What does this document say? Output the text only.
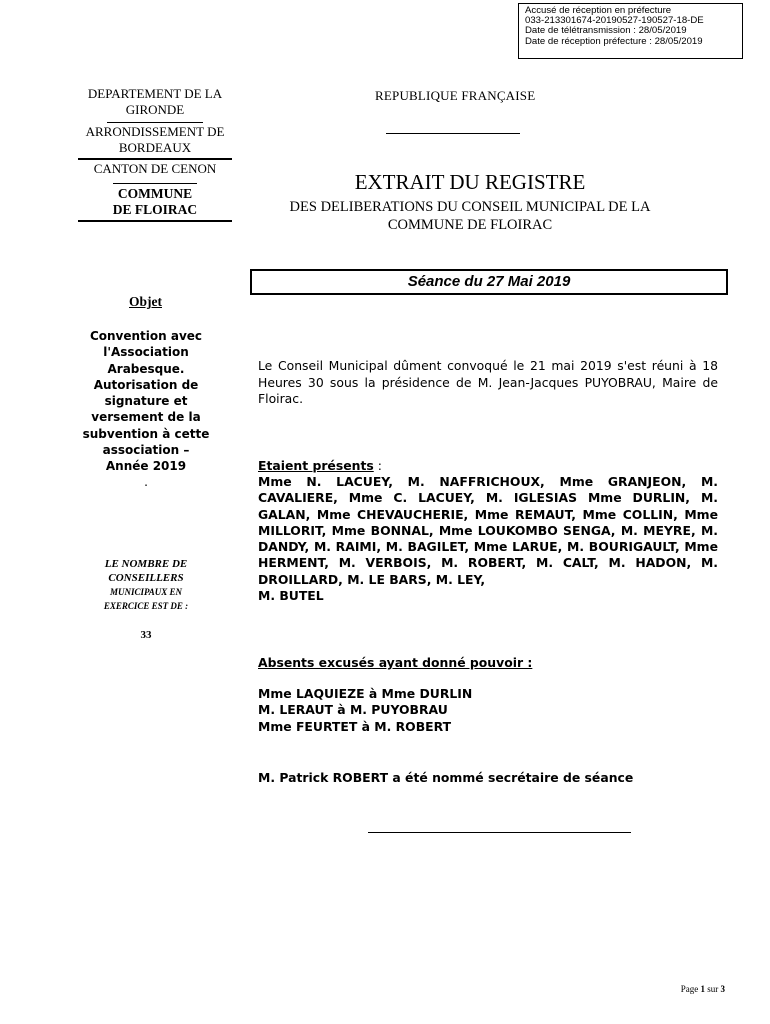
Accusé de réception en préfecture
033-213301674-20190527-190527-18-DE
Date de télétransmission : 28/05/2019
Date de réception préfecture : 28/05/2019
DEPARTEMENT DE LA GIRONDE
ARRONDISSEMENT DE BORDEAUX
CANTON DE CENON
COMMUNE
DE FLOIRAC
REPUBLIQUE FRANÇAISE
EXTRAIT DU REGISTRE
DES DELIBERATIONS DU CONSEIL MUNICIPAL DE LA
COMMUNE DE FLOIRAC
Séance du 27 Mai 2019
Objet
Convention avec l'Association Arabesque. Autorisation de signature et versement de la subvention à cette association – Année 2019
.
LE NOMBRE DE
CONSEILLERS
MUNICIPAUX EN
EXERCICE EST DE :
33
Le Conseil Municipal dûment convoqué le 21 mai 2019 s'est réuni à 18 Heures 30 sous la présidence de M. Jean-Jacques PUYOBRAU, Maire de Floirac.
Etaient présents :
Mme N. LACUEY, M. NAFFRICHOUX, Mme GRANJEON, M. CAVALIERE, Mme C. LACUEY, M. IGLESIAS Mme DURLIN, M. GALAN, Mme CHEVAUCHERIE, Mme REMAUT, Mme COLLIN, Mme MILLORIT, Mme BONNAL, Mme LOUKOMBO SENGA, M. MEYRE, M. DANDY, M. RAIMI, M. BAGILET, Mme LARUE, M. BOURIGAULT, Mme HERMENT, M. VERBOIS, M. ROBERT, M. CALT, M. HADON, M. DROILLARD, M. LE BARS, M. LEY,
M. BUTEL
Absents excusés ayant donné pouvoir :
Mme LAQUIEZE à Mme DURLIN
M. LERAUT à M. PUYOBRAU
Mme FEURTET à M. ROBERT
M. Patrick ROBERT a été nommé secrétaire de séance
Page 1 sur 3
